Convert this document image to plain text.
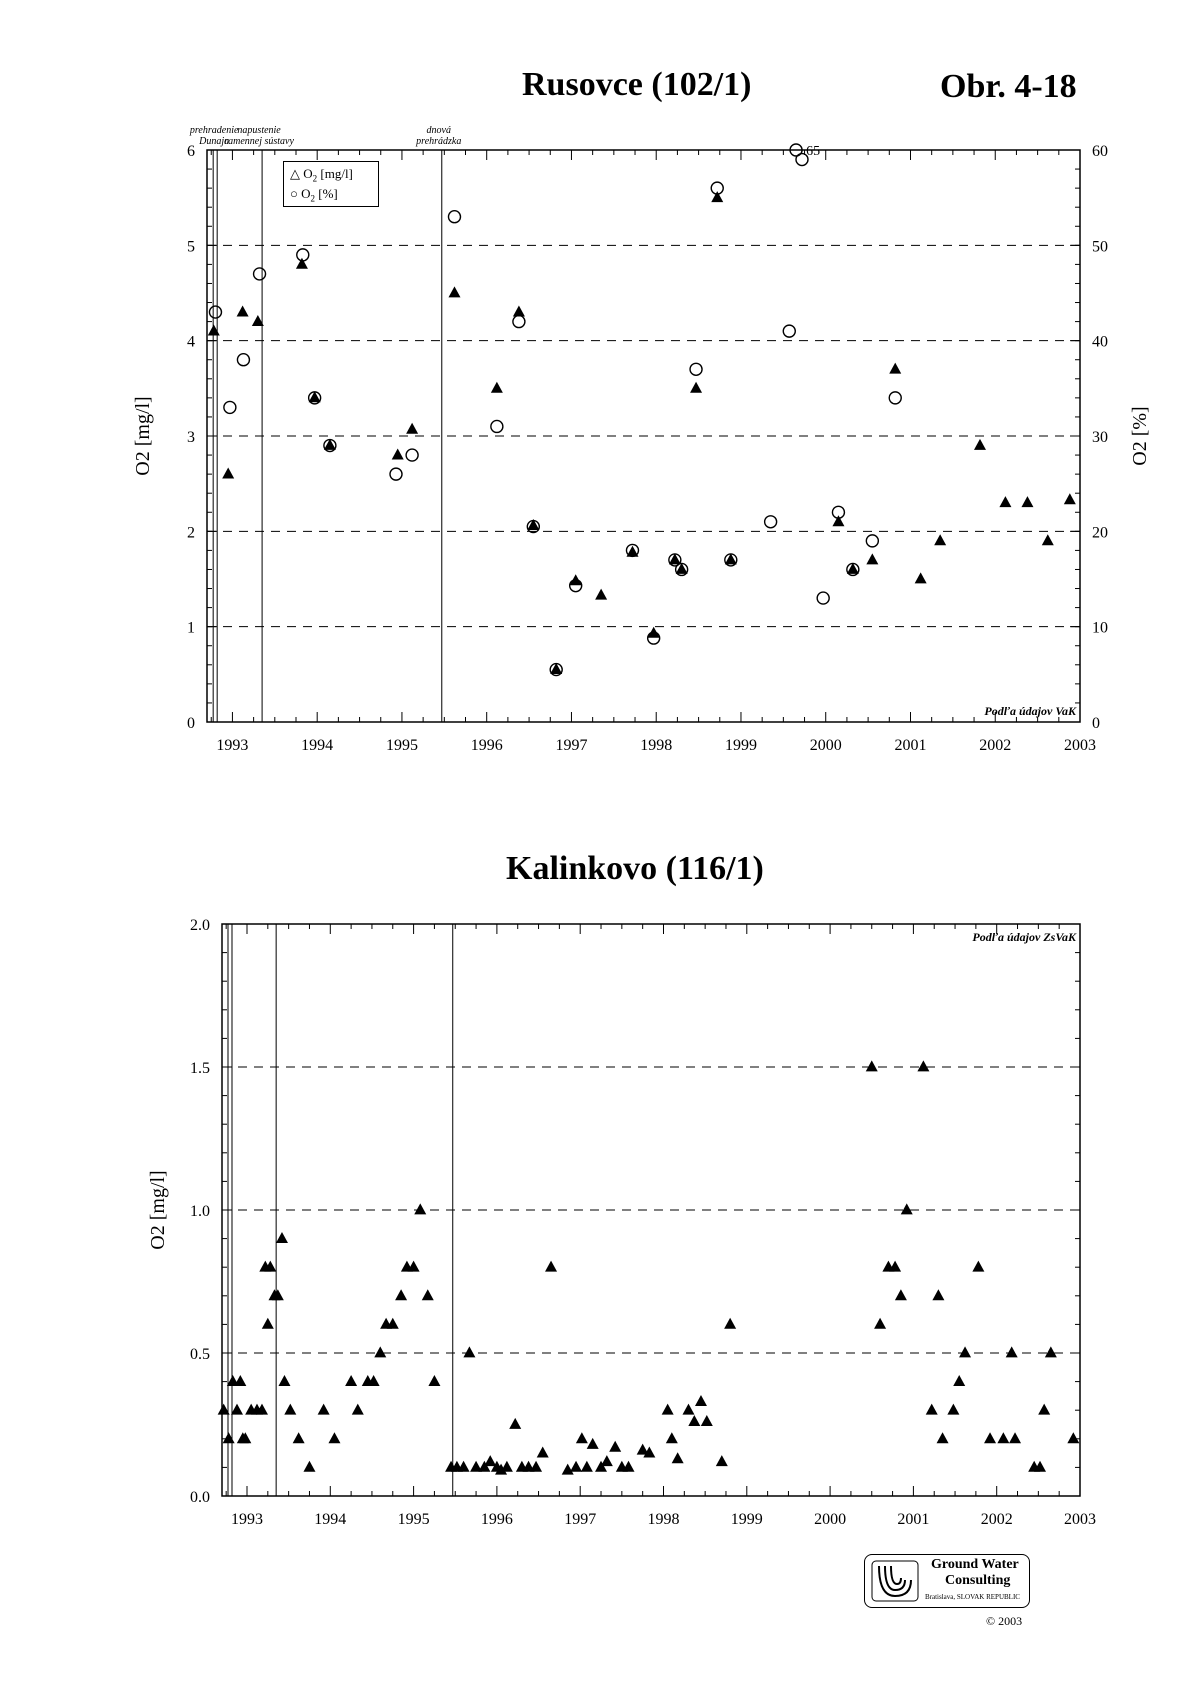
Rusovce (102/1)	Obr. 4-18
Kalinkovo (116/1)
prehradenie
Dunaja
napustenie
ramennej sústavy
dnová
prehrádzka
1993	1994	1995	1996	1997	1998	1999	2000	2001	2002	2003
0
1
2
3
4
5
6
0
10
20
30
40
50
60
O2 [mg/l]	O2 [%]
Podľa údajov VaK
65
1993	1994	1995	1996	1997	1998	1999	2000	2001	2002	2003
0.0
0.5
1.0
1.5
2.0
O2 [mg/l]
Podľa údajov ZsVaK
△ $O_2$ [mg/l]
○ $O_2$ [%]
Ground Water
Consulting
Bratislava, SLOVAK REPUBLIC
© 2003
